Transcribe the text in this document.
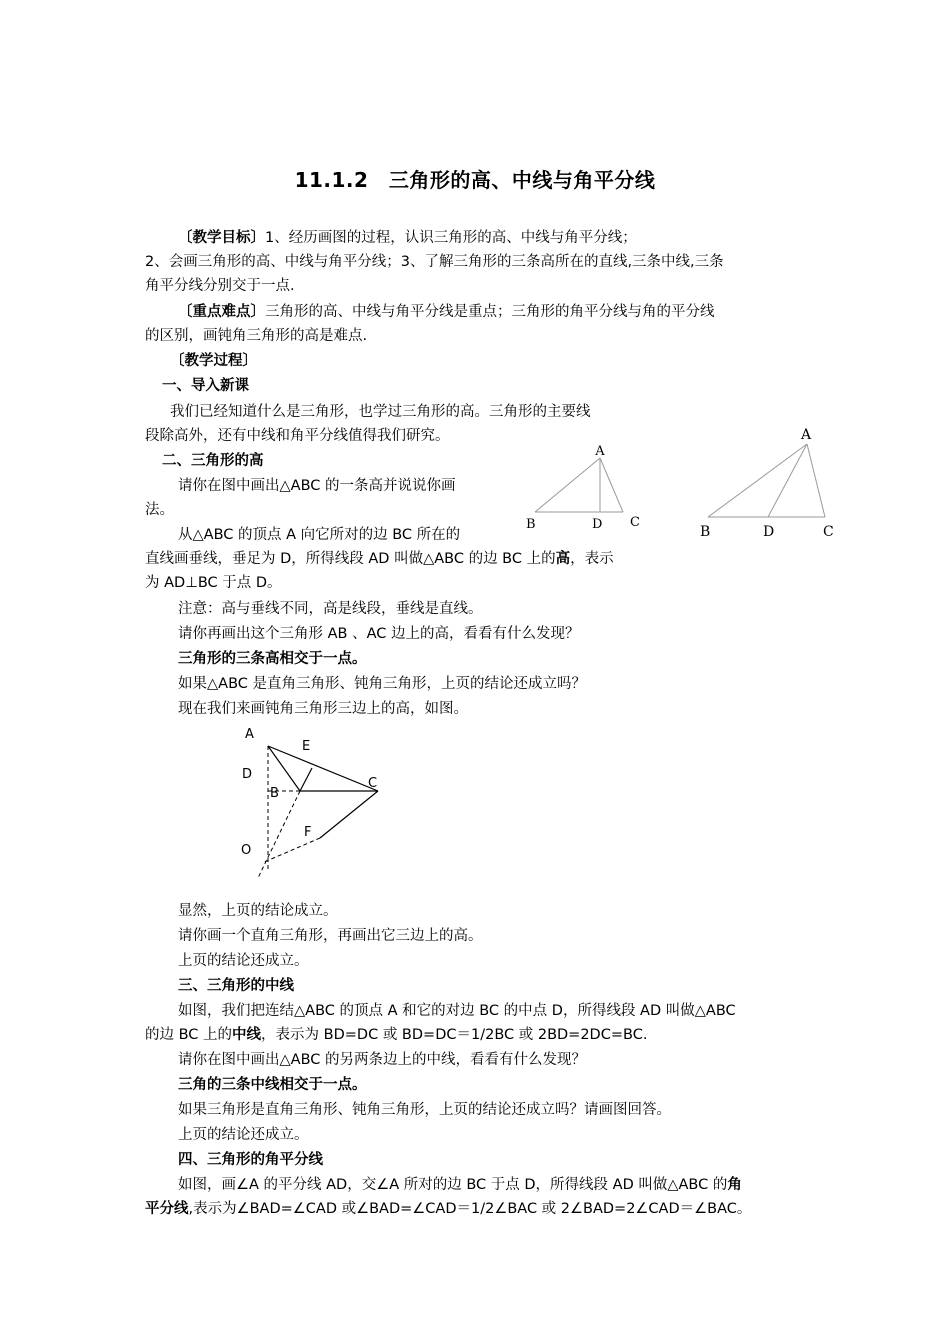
11.1.2　三角形的高、中线与角平分线
〔教学目标〕1、经历画图的过程，认识三角形的高、中线与角平分线；
2、会画三角形的高、中线与角平分线；3、了解三角形的三条高所在的直线,三条中线,三条
角平分线分别交于一点.
〔重点难点〕三角形的高、中线与角平分线是重点；三角形的角平分线与角的平分线
的区别，画钝角三角形的高是难点.
〔教学过程〕
一、导入新课
我们已经知道什么是三角形，也学过三角形的高。三角形的主要线
段除高外，还有中线和角平分线值得我们研究。
二、三角形的高
请你在图中画出△ABC 的一条高并说说你画
法。
从△ABC 的顶点 A 向它所对的边 BC 所在的
直线画垂线，垂足为 D，所得线段 AD 叫做△ABC 的边 BC 上的高，表示
为 AD⊥BC 于点 D。
注意：高与垂线不同，高是线段，垂线是直线。
请你再画出这个三角形 AB 、AC 边上的高，看看有什么发现？
三角形的三条高相交于一点。
如果△ABC 是直角三角形、钝角三角形，上页的结论还成立吗？
现在我们来画钝角三角形三边上的高，如图。
A
B	D C
A
B	D	C
A
E
D
C
B
F
O
显然，上页的结论成立。
请你画一个直角三角形，再画出它三边上的高。
上页的结论还成立。
三、三角形的中线
如图，我们把连结△ABC 的顶点 A 和它的对边 BC 的中点 D，所得线段 AD 叫做△ABC
的边 BC 上的中线，表示为 BD=DC 或 BD=DC＝1/2BC 或 2BD=2DC=BC.
请你在图中画出△ABC 的另两条边上的中线，看看有什么发现？
三角的三条中线相交于一点。
如果三角形是直角三角形、钝角三角形，上页的结论还成立吗？请画图回答。
上页的结论还成立。
四、三角形的角平分线
如图，画∠A 的平分线 AD，交∠A 所对的边 BC 于点 D，所得线段 AD 叫做△ABC 的角
平分线,表示为∠BAD=∠CAD 或∠BAD=∠CAD＝1/2∠BAC 或 2∠BAD=2∠CAD＝∠BAC。
